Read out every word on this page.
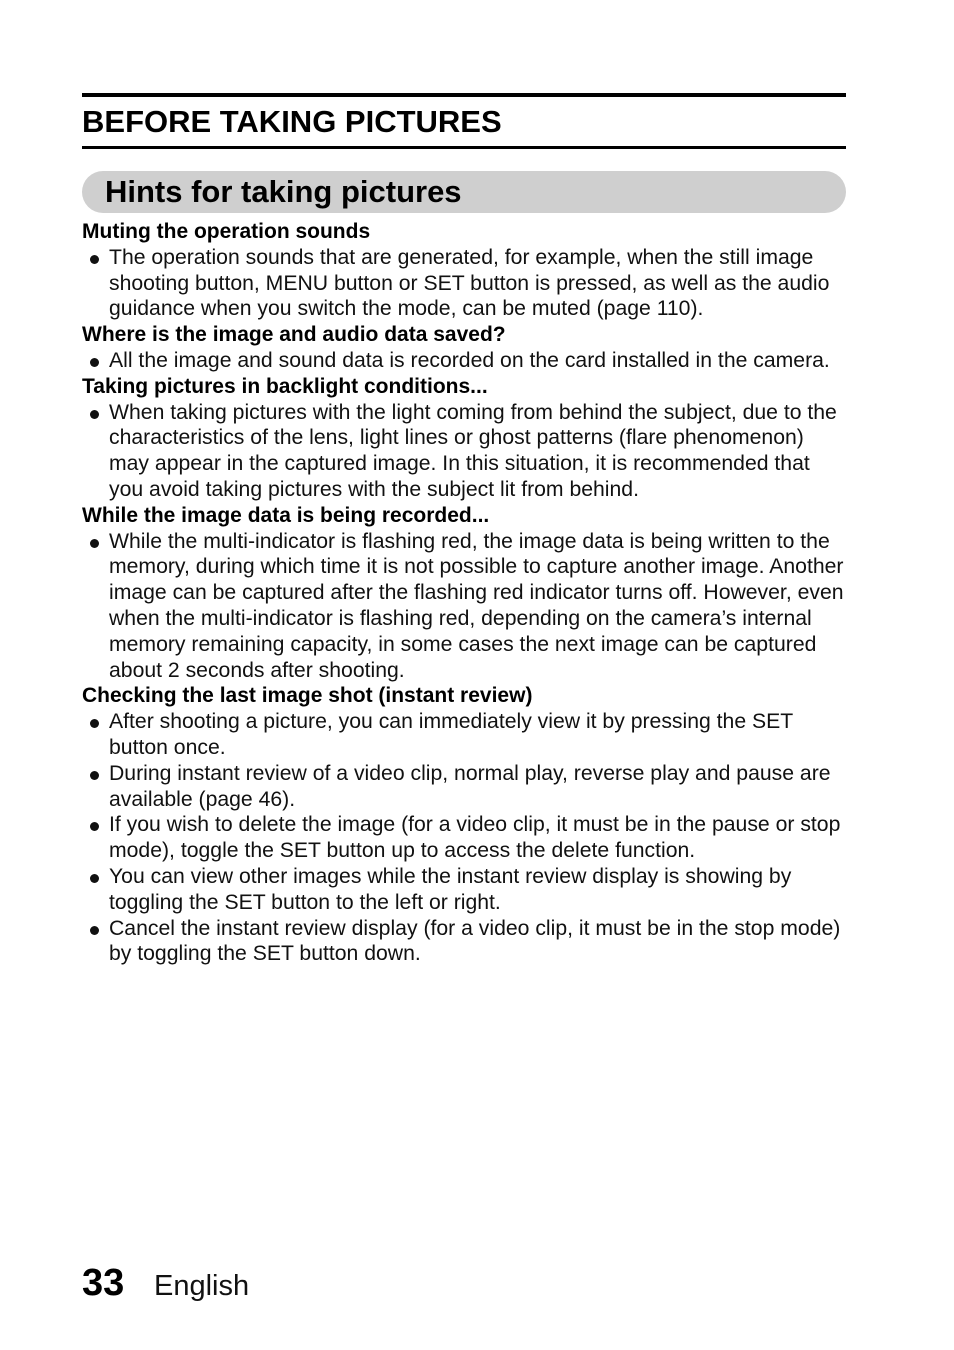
BEFORE TAKING PICTURES
Hints for taking pictures

Muting the operation sounds

The operation sounds that are generated, for example, when the still image shooting button, MENU button or SET button is pressed, as well as the audio guidance when you switch the mode, can be muted (page 110).

Where is the image and audio data saved?

All the image and sound data is recorded on the card installed in the camera.

Taking pictures in backlight conditions...

When taking pictures with the light coming from behind the subject, due to the characteristics of the lens, light lines or ghost patterns (flare phenomenon) may appear in the captured image. In this situation, it is recommended that you avoid taking pictures with the subject lit from behind.

While the image data is being recorded...

While the multi-indicator is flashing red, the image data is being written to the memory, during which time it is not possible to capture another image. Another image can be captured after the flashing red indicator turns off. However, even when the multi-indicator is flashing red, depending on the camera’s internal memory remaining capacity, in some cases the next image can be captured about 2 seconds after shooting.

Checking the last image shot (instant review)

After shooting a picture, you can immediately view it by pressing the SET button once.
During instant review of a video clip, normal play, reverse play and pause are available (page 46).
If you wish to delete the image (for a video clip, it must be in the pause or stop mode), toggle the SET button up to access the delete function.
You can view other images while the instant review display is showing by toggling the SET button to the left or right.
Cancel the instant review display (for a video clip, it must be in the stop mode) by toggling the SET button down.
33 English
